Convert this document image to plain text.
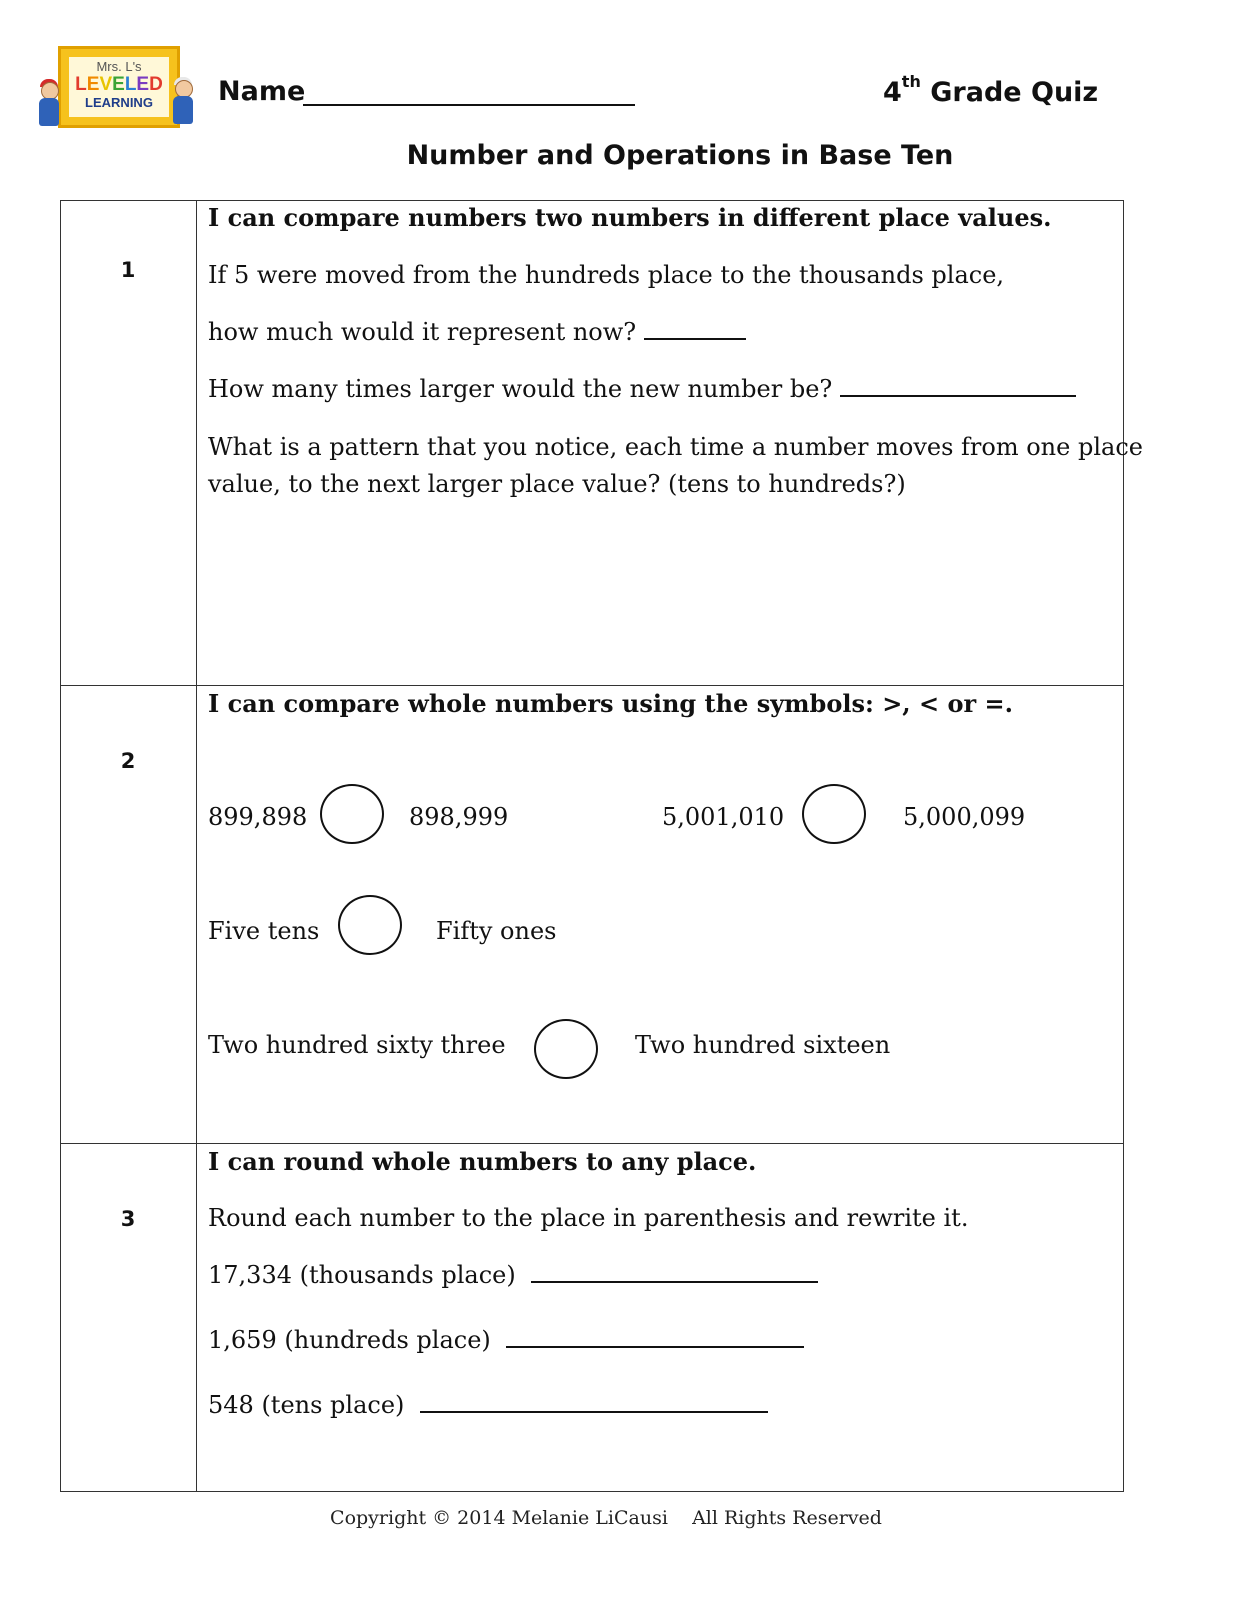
Mrs. L's
LEVELED
LEARNING	Name	4th Grade Quiz
Number and Operations in Base Ten
1
I can compare numbers two numbers in different place values.
If 5 were moved from the hundreds place to the thousands place,
how much would it represent now?
How many times larger would the new number be?
What is a pattern that you notice, each time a number moves from one place
value, to the next larger place value? (tens to hundreds?)
2
I can compare whole numbers using the symbols: >, < or =.
899,898	898,999	5,001,010	5,000,099
Five tens	Fifty ones
Two hundred sixty three	Two hundred sixteen
3
I can round whole numbers to any place.
Round each number to the place in parenthesis and rewrite it.
17,334 (thousands place)
1,659 (hundreds place)
548 (tens place)
Copyright © 2014 Melanie LiCausi All Rights Reserved
